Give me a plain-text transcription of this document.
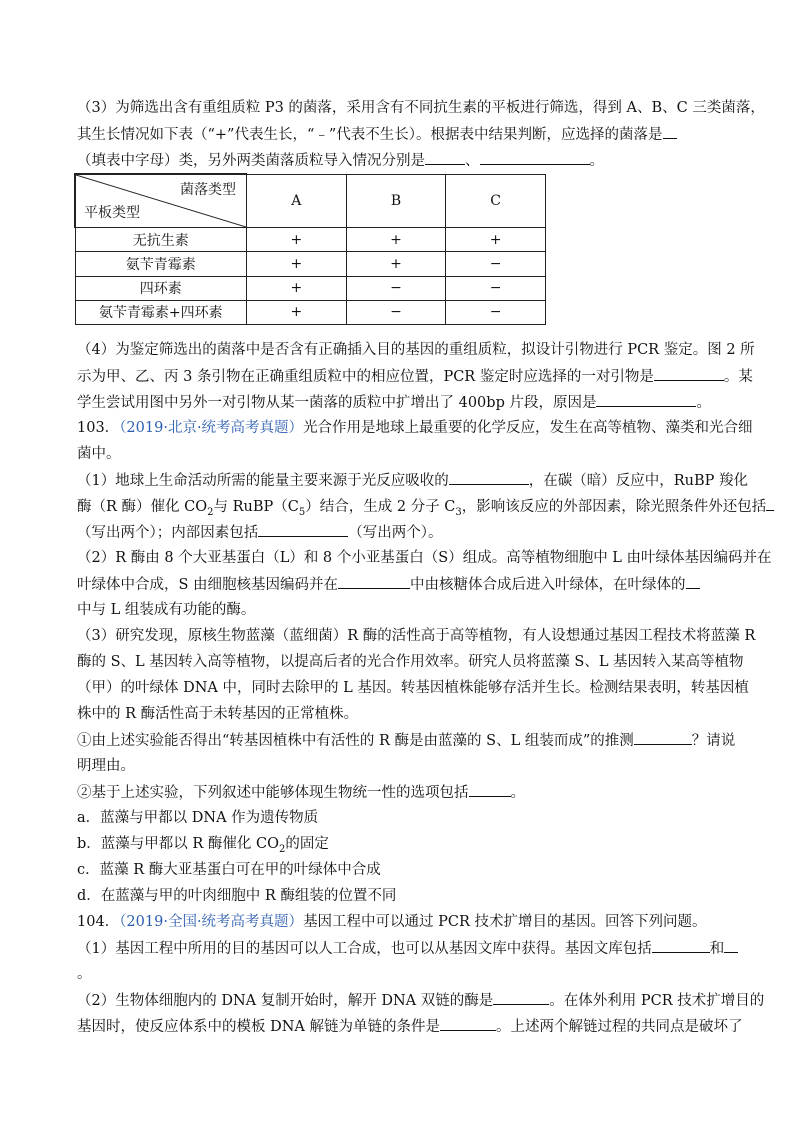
（3）为筛选出含有重组质粒 P3 的菌落，采用含有不同抗生素的平板进行筛选，得到 A、B、C 三类菌落，
其生长情况如下表（“+”代表生长，“﹣”代表不生长）。根据表中结果判断，应选择的菌落是
（填表中字母）类，另外两类菌落质粒导入情况分别是	、	。
菌落类型
平板类型	A	B	C
无抗生素	+	+	+
氨苄青霉素	+	+	−
四环素	+	−	−
氨苄青霉素+四环素	+	−	−
（4）为鉴定筛选出的菌落中是否含有正确插入目的基因的重组质粒，拟设计引物进行 PCR 鉴定。图 2 所
示为甲、乙、丙 3 条引物在正确重组质粒中的相应位置，PCR 鉴定时应选择的一对引物是	。某
学生尝试用图中另外一对引物从某一菌落的质粒中扩增出了 400bp 片段，原因是	。
103．（2019·北京·统考高考真题）光合作用是地球上最重要的化学反应，发生在高等植物、藻类和光合细
菌中。
（1）地球上生命活动所需的能量主要来源于光反应吸收的	，在碳（暗）反应中，RuBP 羧化
酶（R 酶）催化 $CO_2$与 $RuBP(C_5)$结合，生成 2 分子 $C_3$，影响该反应的外部因素，除光照条件外还包括
（写出两个）；内部因素包括	（写出两个）。
（2）R 酶由 8 个大亚基蛋白（L）和 8 个小亚基蛋白（S）组成。高等植物细胞中 L 由叶绿体基因编码并在
叶绿体中合成，S 由细胞核基因编码并在	中由核糖体合成后进入叶绿体，在叶绿体的
中与 L 组装成有功能的酶。
（3）研究发现，原核生物蓝藻（蓝细菌）R 酶的活性高于高等植物，有人设想通过基因工程技术将蓝藻 R
酶的 S、L 基因转入高等植物，以提高后者的光合作用效率。研究人员将蓝藻 S、L 基因转入某高等植物
（甲）的叶绿体 DNA 中，同时去除甲的 L 基因。转基因植株能够存活并生长。检测结果表明，转基因植
株中的 R 酶活性高于未转基因的正常植株。
①由上述实验能否得出“转基因植株中有活性的 R 酶是由蓝藻的 S、L 组装而成”的推测	？请说
明理由。
②基于上述实验，下列叙述中能够体现生物统一性的选项包括	。
a．蓝藻与甲都以 DNA 作为遗传物质
b．蓝藻与甲都以 R 酶催化 $CO_2$的固定
c．蓝藻 R 酶大亚基蛋白可在甲的叶绿体中合成
d．在蓝藻与甲的叶肉细胞中 R 酶组装的位置不同
104．（2019·全国·统考高考真题）基因工程中可以通过 PCR 技术扩增目的基因。回答下列问题。
（1）基因工程中所用的目的基因可以人工合成，也可以从基因文库中获得。基因文库包括	和
。
（2）生物体细胞内的 DNA 复制开始时，解开 DNA 双链的酶是	。在体外利用 PCR 技术扩增目的
基因时，使反应体系中的模板 DNA 解链为单链的条件是	。上述两个解链过程的共同点是破坏了
